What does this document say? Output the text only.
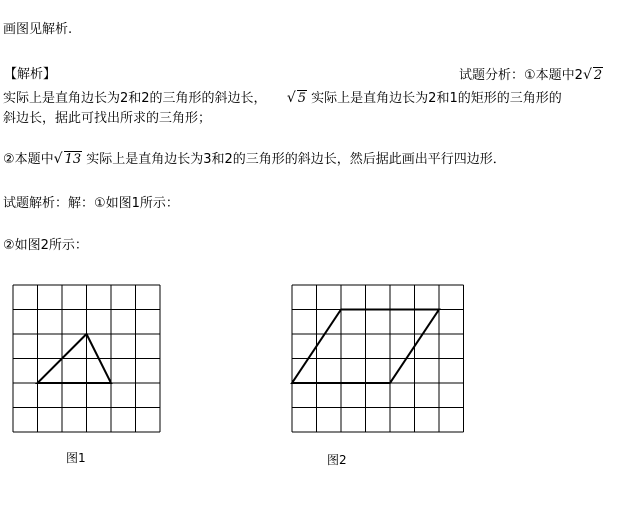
画图见解析.
【解析】	试题分析：①本题中2√ 2
实际上是直角边长为2和2的三角形的斜边长， √ 5 实际上是直角边长为2和1的矩形的三角形的
斜边长，据此可找出所求的三角形；
②本题中√ 13 实际上是直角边长为3和2的三角形的斜边长，然后据此画出平行四边形．
试题解析：解：①如图1所示：
②如图2所示：
图1	图2
